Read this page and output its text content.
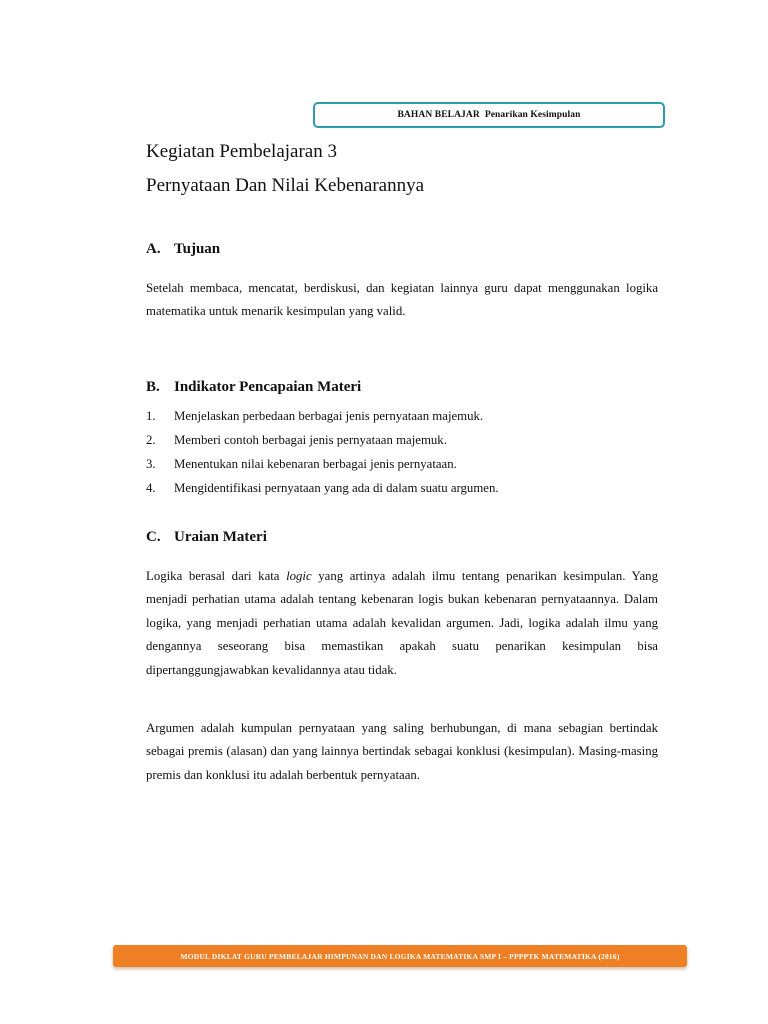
BAHAN BELAJAR Penarikan Kesimpulan
Kegiatan Pembelajaran 3
Pernyataan Dan Nilai Kebenarannya
A. Tujuan

Setelah membaca, mencatat, berdiskusi, dan kegiatan lainnya guru dapat menggunakan logika matematika untuk menarik kesimpulan yang valid.

B. Indikator Pencapaian Materi
1.	Menjelaskan perbedaan berbagai jenis pernyataan majemuk.
2.	Memberi contoh berbagai jenis pernyataan majemuk.
3.	Menentukan nilai kebenaran berbagai jenis pernyataan.
4.	Mengidentifikasi pernyataan yang ada di dalam suatu argumen.
C. Uraian Materi

Logika berasal dari kata logic yang artinya adalah ilmu tentang penarikan kesimpulan. Yang menjadi perhatian utama adalah tentang kebenaran logis bukan kebenaran pernyataannya. Dalam logika, yang menjadi perhatian utama adalah kevalidan argumen. Jadi, logika adalah ilmu yang dengannya seseorang bisa memastikan apakah suatu penarikan kesimpulan bisa dipertanggungjawabkan kevalidannya atau tidak.

Argumen adalah kumpulan pernyataan yang saling berhubungan, di mana sebagian bertindak sebagai premis (alasan) dan yang lainnya bertindak sebagai konklusi (kesimpulan). Masing-masing premis dan konklusi itu adalah berbentuk pernyataan.

MODUL DIKLAT GURU PEMBELAJAR HIMPUNAN DAN LOGIKA MATEMATIKA SMP I – PPPPTK MATEMATIKA (2016)
